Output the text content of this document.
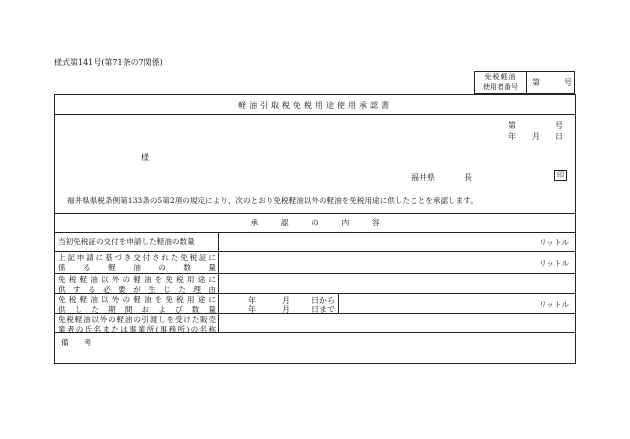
様式第141号(第71条の7関係)
免税軽油
使用者番号	第	号
軽油引取税免税用途使用承認書
第	号
年 月 日
様
福井県	長	印
福井県県税条例第133条の5第2項の規定により、次のとおり免税軽油以外の軽油を免税用途に供したことを承認します。
承　　　認　　　の　　　内　　　容
当初免税証の交付を申請した軽油の数量	リットル
上記申請に基づき交付された免税証に
係る軽油の数量	リットル
免税軽油以外の軽油を免税用途に
供する必要が生じた理由
免税軽油以外の軽油を免税用途に
供した期間および数量
年	月	日から
年	月	日まで
リットル
免税軽油以外の軽油の引渡しを受けた販売
業者の氏名または事業所(事務所)の名称
備　　考
